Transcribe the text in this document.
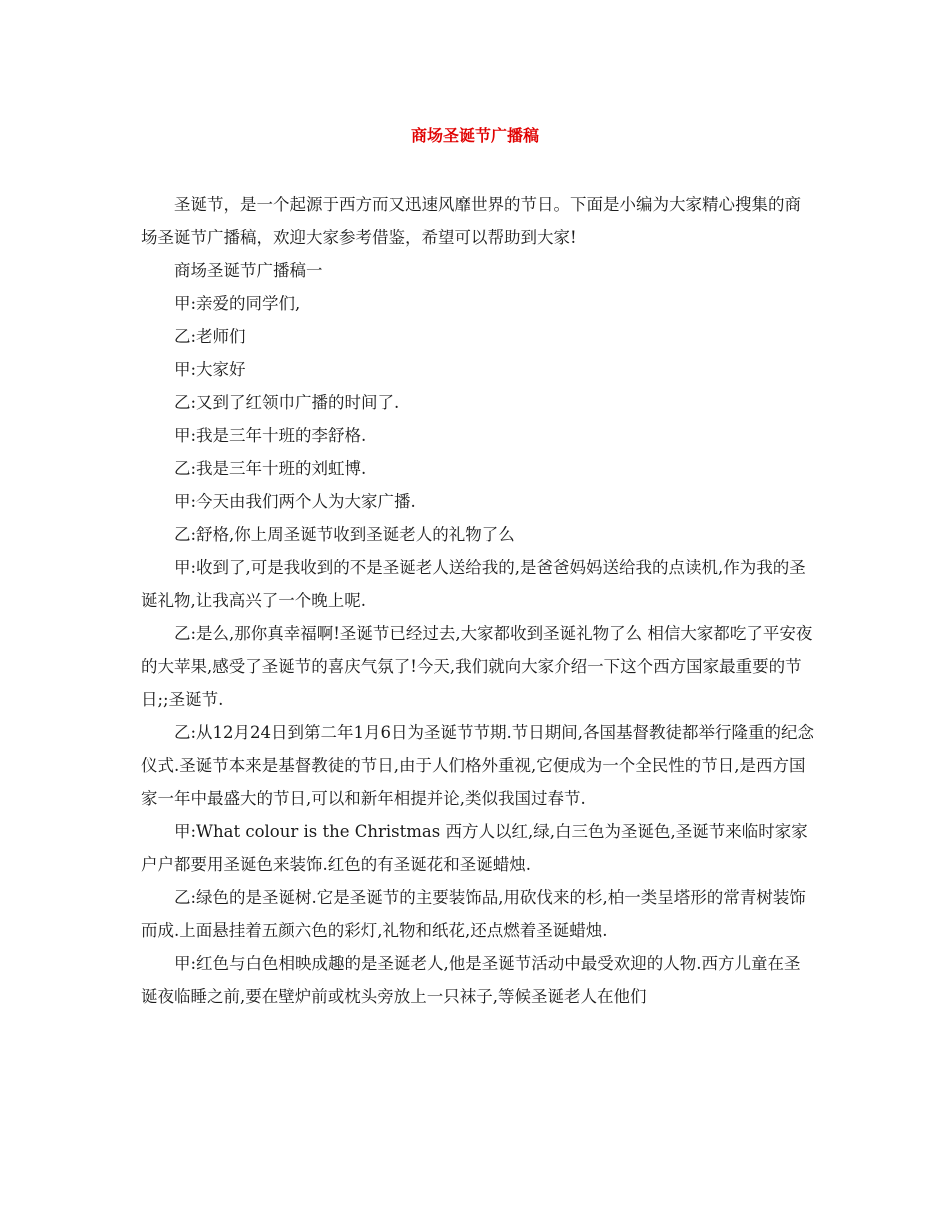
商场圣诞节广播稿

圣诞节，是一个起源于西方而又迅速风靡世界的节日。下面是小编为大家精心搜集的商场圣诞节广播稿，欢迎大家参考借鉴，希望可以帮助到大家!

商场圣诞节广播稿一

甲:亲爱的同学们,

乙:老师们

甲:大家好

乙:又到了红领巾广播的时间了.

甲:我是三年十班的李舒格.

乙:我是三年十班的刘虹博.

甲:今天由我们两个人为大家广播.

乙:舒格,你上周圣诞节收到圣诞老人的礼物了么

甲:收到了,可是我收到的不是圣诞老人送给我的,是爸爸妈妈送给我的点读机,作为我的圣诞礼物,让我高兴了一个晚上呢.

乙:是么,那你真幸福啊!圣诞节已经过去,大家都收到圣诞礼物了么 相信大家都吃了平安夜的大苹果,感受了圣诞节的喜庆气氛了!今天,我们就向大家介绍一下这个西方国家最重要的节日;;圣诞节.

乙:从12月24日到第二年1月6日为圣诞节节期.节日期间,各国基督教徒都举行隆重的纪念仪式.圣诞节本来是基督教徒的节日,由于人们格外重视,它便成为一个全民性的节日,是西方国家一年中最盛大的节日,可以和新年相提并论,类似我国过春节.

甲:What colour is the Christmas 西方人以红,绿,白三色为圣诞色,圣诞节来临时家家户户都要用圣诞色来装饰.红色的有圣诞花和圣诞蜡烛.

乙:绿色的是圣诞树.它是圣诞节的主要装饰品,用砍伐来的杉,柏一类呈塔形的常青树装饰而成.上面悬挂着五颜六色的彩灯,礼物和纸花,还点燃着圣诞蜡烛.

甲:红色与白色相映成趣的是圣诞老人,他是圣诞节活动中最受欢迎的人物.西方儿童在圣诞夜临睡之前,要在壁炉前或枕头旁放上一只袜子,等候圣诞老人在他们
